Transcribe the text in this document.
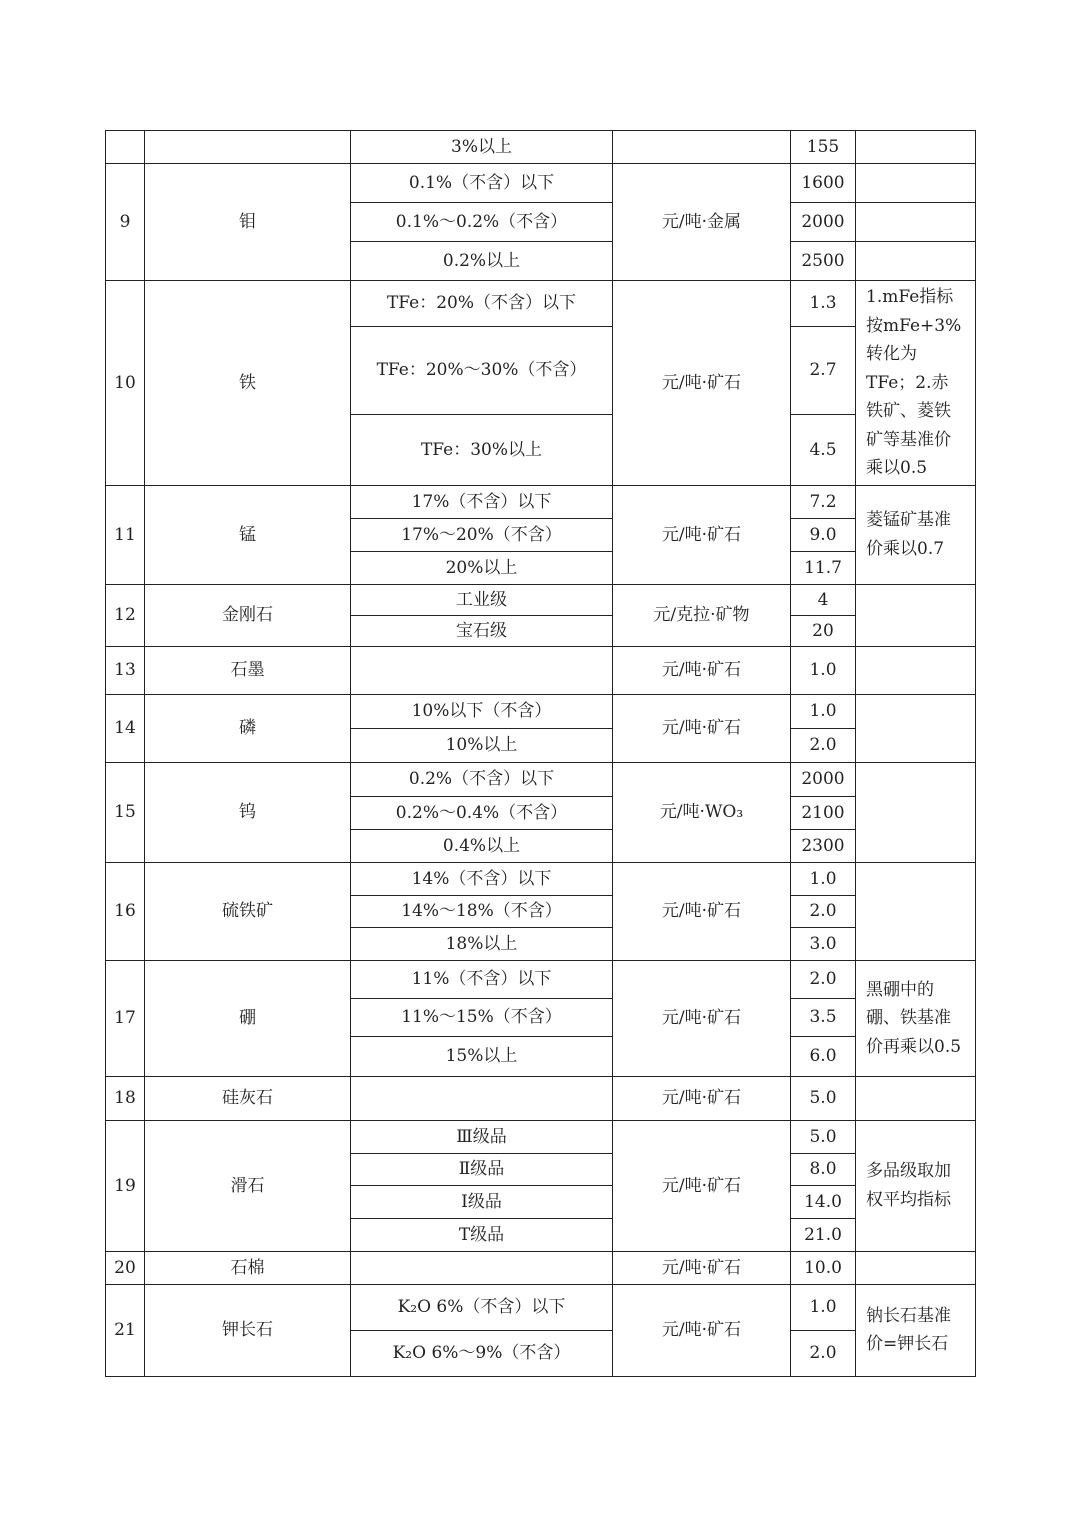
		3%以上		155	
9	钼	0.1%（不含）以下	元/吨·金属	1600	
		0.1%～0.2%（不含）		2000	
		0.2%以上		2500	
10	铁	TFe：20%（不含）以下	元/吨·矿石	1.3	1.mFe指标按mFe+3%转化为TFe；2.赤铁矿、菱铁矿等基准价乘以0.5
		TFe：20%～30%（不含）		2.7	
		TFe：30%以上		4.5	
11	锰	17%（不含）以下	元/吨·矿石	7.2	菱锰矿基准价乘以0.7
		17%～20%（不含）		9.0	
		20%以上		11.7	
12	金刚石	工业级	元/克拉·矿物	4	
		宝石级		20	
13	石墨		元/吨·矿石	1.0	
14	磷	10%以下（不含）	元/吨·矿石	1.0	
		10%以上		2.0	
15	钨	0.2%（不含）以下	元/吨·WO₃	2000	
		0.2%～0.4%（不含）		2100	
		0.4%以上		2300	
16	硫铁矿	14%（不含）以下	元/吨·矿石	1.0	
		14%～18%（不含）		2.0	
		18%以上		3.0	
17	硼	11%（不含）以下	元/吨·矿石	2.0	黑硼中的硼、铁基准价再乘以0.5
		11%～15%（不含）		3.5	
		15%以上		6.0	
18	硅灰石		元/吨·矿石	5.0	
19	滑石	Ⅲ级品	元/吨·矿石	5.0	多品级取加权平均指标
		Ⅱ级品		8.0	
		Ⅰ级品		14.0	
		T级品		21.0	
20	石棉		元/吨·矿石	10.0	
21	钾长石	K₂O 6%（不含）以下	元/吨·矿石	1.0	钠长石基准价=钾长石
		K₂O 6%～9%（不含）		2.0	
